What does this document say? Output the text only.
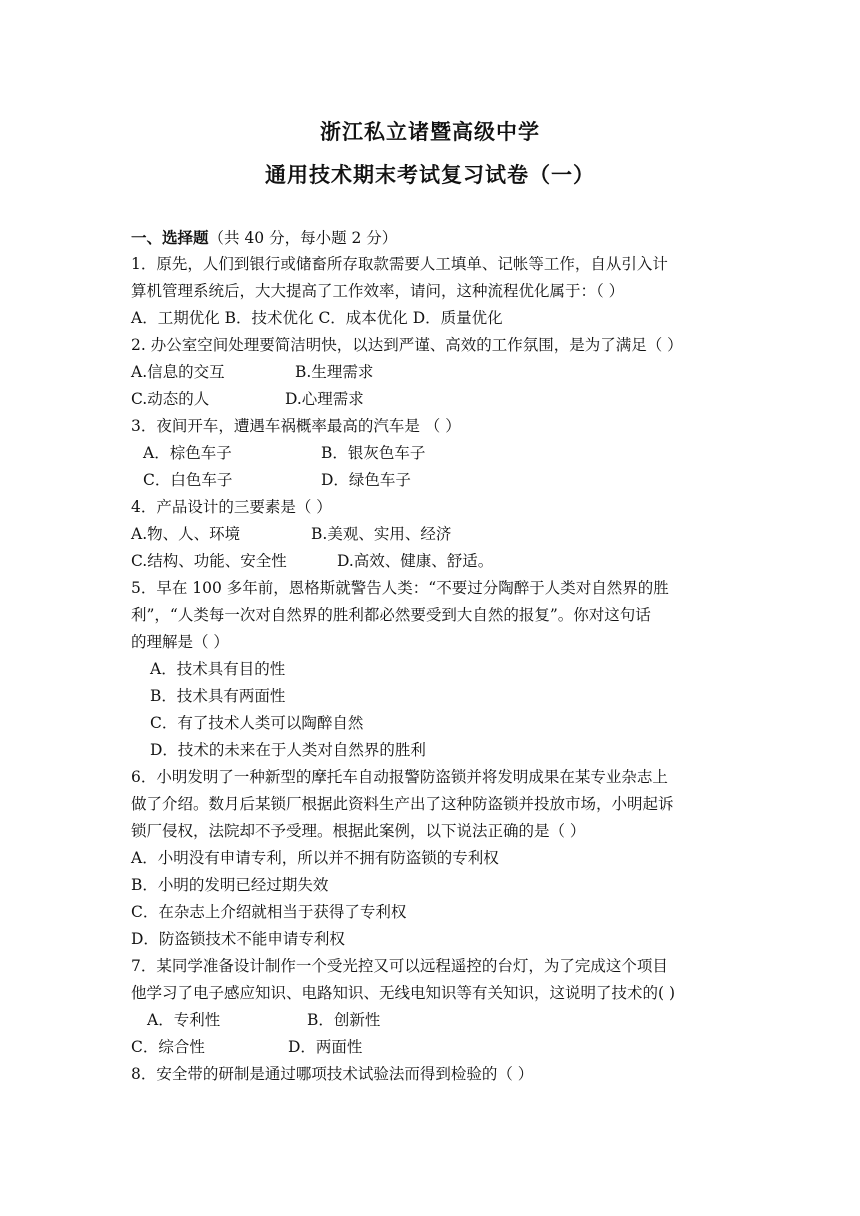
浙江私立诸暨高级中学
通用技术期末考试复习试卷（一）
一、选择题（共 40 分，每小题 2 分）
1．原先，人们到银行或储畜所存取款需要人工填单、记帐等工作，自从引入计
算机管理系统后，大大提高了工作效率，请问，这种流程优化属于：（ ）
A．工期优化 B．技术优化 C．成本优化 D．质量优化
2. 办公室空间处理要简洁明快，以达到严谨、高效的工作氛围，是为了满足（ ）
A.信息的交互	B.生理需求
C.动态的人	D.心理需求
3．夜间开车，遭遇车祸概率最高的汽车是 （ ）
A．棕色车子	B．银灰色车子
C．白色车子	D．绿色车子
4．产品设计的三要素是（ ）
A.物、人、环境	B.美观、实用、经济
C.结构、功能、安全性	D.高效、健康、舒适。
5．早在 100 多年前，恩格斯就警告人类：“不要过分陶醉于人类对自然界的胜
利”，“人类每一次对自然界的胜利都必然要受到大自然的报复”。你对这句话
的理解是（ ）
A．技术具有目的性
B．技术具有两面性
C．有了技术人类可以陶醉自然
D．技术的未来在于人类对自然界的胜利
6．小明发明了一种新型的摩托车自动报警防盗锁并将发明成果在某专业杂志上
做了介绍。数月后某锁厂根据此资料生产出了这种防盗锁并投放市场，小明起诉
锁厂侵权，法院却不予受理。根据此案例，以下说法正确的是（ ）
A．小明没有申请专利，所以并不拥有防盗锁的专利权
B．小明的发明已经过期失效
C．在杂志上介绍就相当于获得了专利权
D．防盗锁技术不能申请专利权
7．某同学准备设计制作一个受光控又可以远程遥控的台灯，为了完成这个项目
他学习了电子感应知识、电路知识、无线电知识等有关知识，这说明了技术的( )
A．专利性	B．创新性
C．综合性	D．两面性
8．安全带的研制是通过哪项技术试验法而得到检验的（ ）
